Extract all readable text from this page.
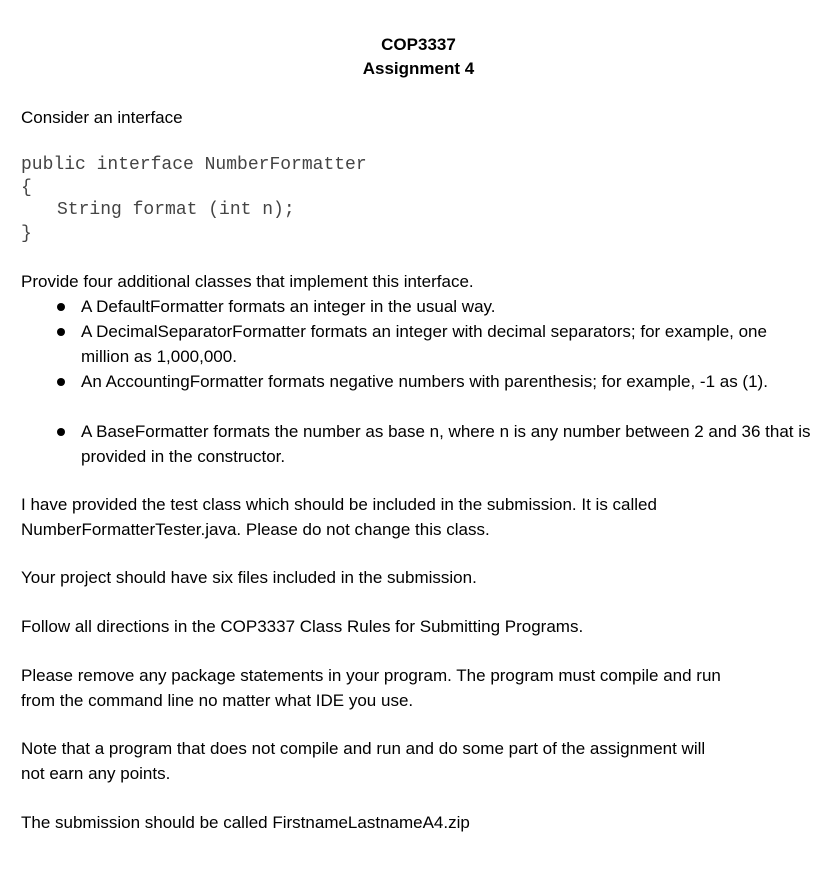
COP3337
Assignment 4
Consider an interface
public interface NumberFormatter
{
String format (int n);
}
Provide four additional classes that implement this interface.
A DefaultFormatter formats an integer in the usual way.
A DecimalSeparatorFormatter formats an integer with decimal separators; for example, one million as 1,000,000.
An AccountingFormatter formats negative numbers with parenthesis; for example, -1 as (1).
A BaseFormatter formats the number as base n, where n is any number between 2 and 36 that is provided in the constructor.
I have provided the test class which should be included in the submission. It is called
NumberFormatterTester.java. Please do not change this class.
Your project should have six files included in the submission.
Follow all directions in the COP3337 Class Rules for Submitting Programs.
Please remove any package statements in your program. The program must compile and run
from the command line no matter what IDE you use.
Note that a program that does not compile and run and do some part of the assignment will
not earn any points.
The submission should be called FirstnameLastnameA4.zip
